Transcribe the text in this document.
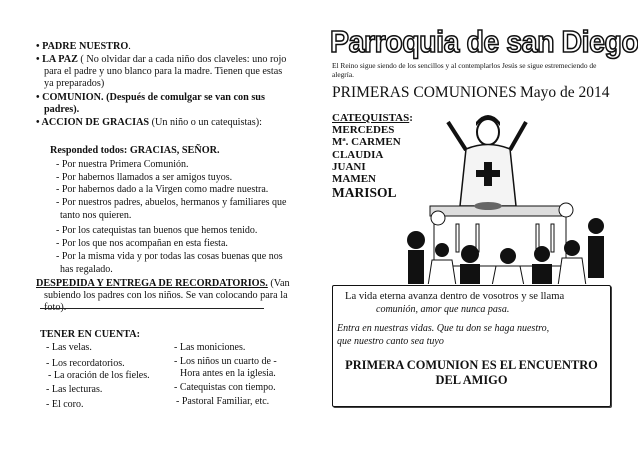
• PADRE NUESTRO.
• LA PAZ ( No olvidar dar a cada niño dos claveles: uno rojo
para el padre y uno blanco para la madre. Tienen que estas
ya preparados)
• COMUNION. (Después de comulgar se van con sus
padres).
• ACCION DE GRACIAS (Un niño o un catequistas):
Responded todos: GRACIAS, SEÑOR.
- Por nuestra Primera Comunión.
- Por habernos llamados a ser amigos tuyos.
- Por habernos dado a la Virgen como madre nuestra.
- Por nuestros padres, abuelos, hermanos y familiares que
tanto nos quieren.
- Por los catequistas tan buenos que hemos tenido.
- Por los que nos acompañan en esta fiesta.
- Por la misma vida y por todas las cosas buenas que nos
has regalado.
DESPEDIDA Y ENTREGA DE RECORDATORIOS. (Van
subiendo los padres con los niños. Se van colocando para la
foto).
TENER EN CUENTA:
- Las velas.
- Los recordatorios.
- La oración de los fieles.
- Las lecturas.
- El coro.
- Las moniciones.
- Los niños un cuarto de -
Hora antes en la iglesia.
- Catequistas con tiempo.
- Pastoral Familiar, etc.
Parroquia de san Diego
El Reino sigue siendo de los sencillos y al contemplarlos Jesús se sigue estremeciendo de alegría.
PRIMERAS COMUNIONES Mayo de 2014
CATEQUISTAS:
MERCEDES
Mª. CARMEN
CLAUDIA
JUANI
MAMEN
MARISOL
La vida eterna avanza dentro de vosotros y se llama
comunión, amor que nunca pasa.
Entra en nuestras vidas. Que tu don se haga nuestro,
que nuestro canto sea tuyo
PRIMERA COMUNION ES EL ENCUENTRO
DEL AMIGO
